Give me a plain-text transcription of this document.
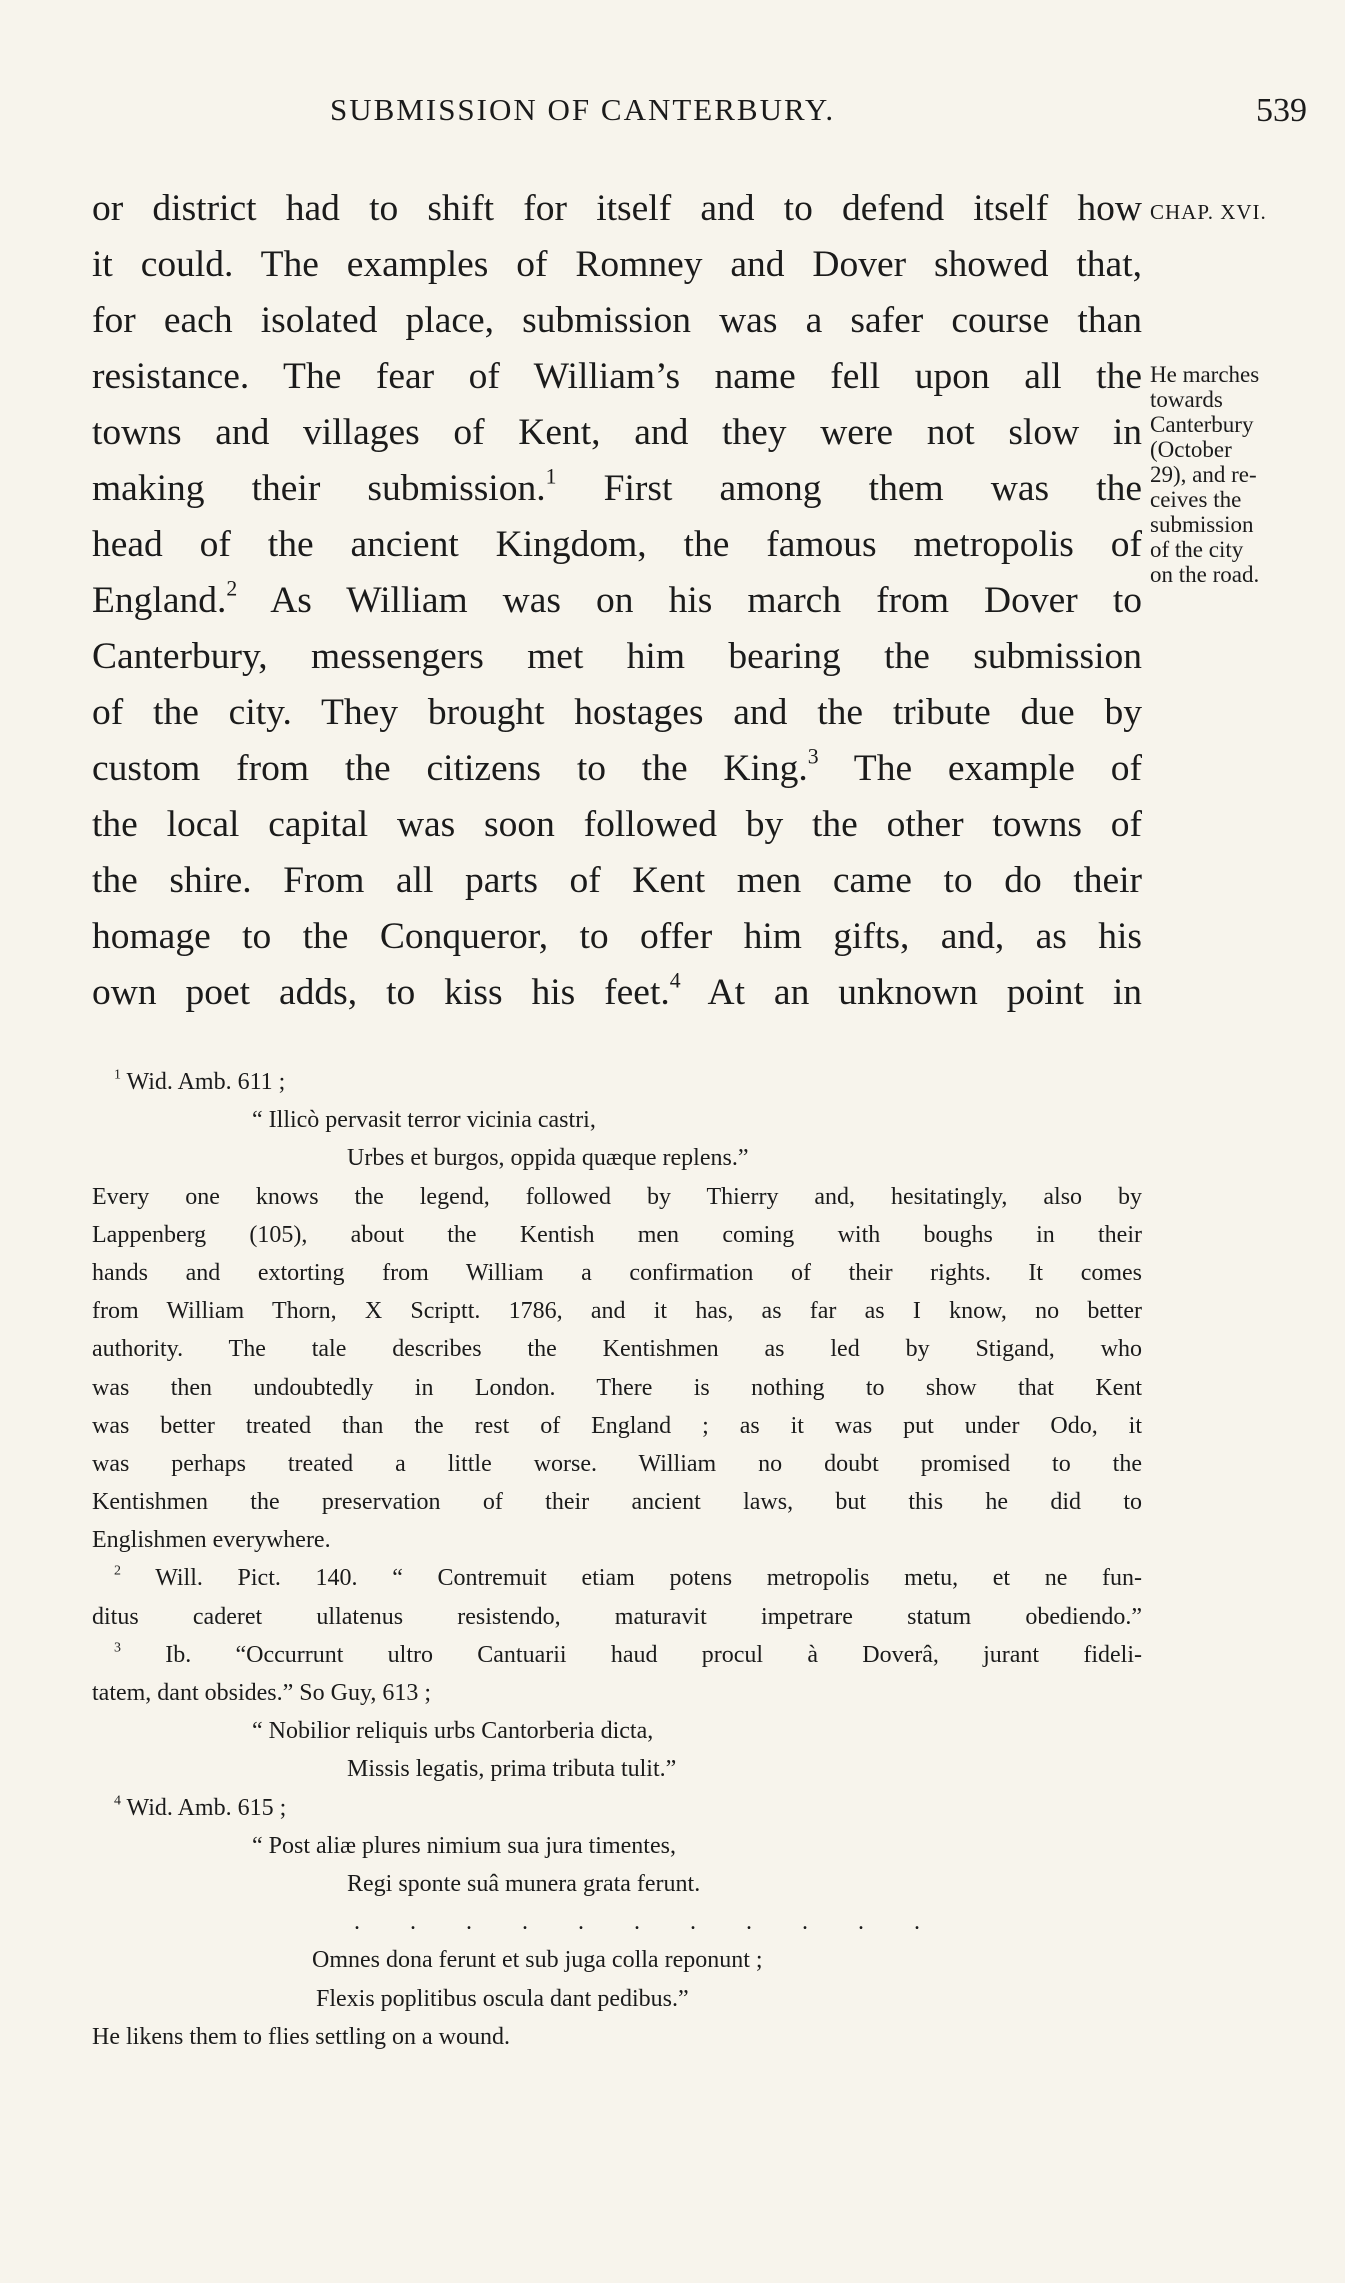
SUBMISSION OF CANTERBURY.	539
CHAP. XVI.
He marches
towards
Canterbury
(October
29), and re-
ceives the
submission
of the city
on the road.
or district had to shift for itself and to defend itself how
it could. The examples of Romney and Dover showed that,
for each isolated place, submission was a safer course than
resistance. The fear of William’s name fell upon all the
towns and villages of Kent, and they were not slow in
making their submission.$^1$ First among them was the
head of the ancient Kingdom, the famous metropolis of
England.$^2$ As William was on his march from Dover to
Canterbury, messengers met him bearing the submission
of the city. They brought hostages and the tribute due by
custom from the citizens to the King.$^3$ The example of
the local capital was soon followed by the other towns of
the shire. From all parts of Kent men came to do their
homage to the Conqueror, to offer him gifts, and, as his
own poet adds, to kiss his feet.$^4$ At an unknown point in
$^1$ Wid. Amb. 611 ;
“ Illicò pervasit terror vicinia castri,
Urbes et burgos, oppida quæque replens.”
Every one knows the legend, followed by Thierry and, hesitatingly, also by
Lappenberg (105), about the Kentish men coming with boughs in their
hands and extorting from William a confirmation of their rights. It comes
from William Thorn, X Scriptt. 1786, and it has, as far as I know, no better
authority. The tale describes the Kentishmen as led by Stigand, who
was then undoubtedly in London. There is nothing to show that Kent
was better treated than the rest of England ; as it was put under Odo, it
was perhaps treated a little worse. William no doubt promised to the
Kentishmen the preservation of their ancient laws, but this he did to
Englishmen everywhere.
$^2$ Will. Pict. 140. “ Contremuit etiam potens metropolis metu, et ne fun-
ditus caderet ullatenus resistendo, maturavit impetrare statum obediendo.”
$^3$ Ib. “Occurrunt ultro Cantuarii haud procul à Doverâ, jurant fideli-
tatem, dant obsides.” So Guy, 613 ;
“ Nobilior reliquis urbs Cantorberia dicta,
Missis legatis, prima tributa tulit.”
$^4$ Wid. Amb. 615 ;
“ Post aliæ plures nimium sua jura timentes,
Regi sponte suâ munera grata ferunt.
. . . . . . . . . . .
Omnes dona ferunt et sub juga colla reponunt ;
Flexis poplitibus oscula dant pedibus.”
He likens them to flies settling on a wound.
